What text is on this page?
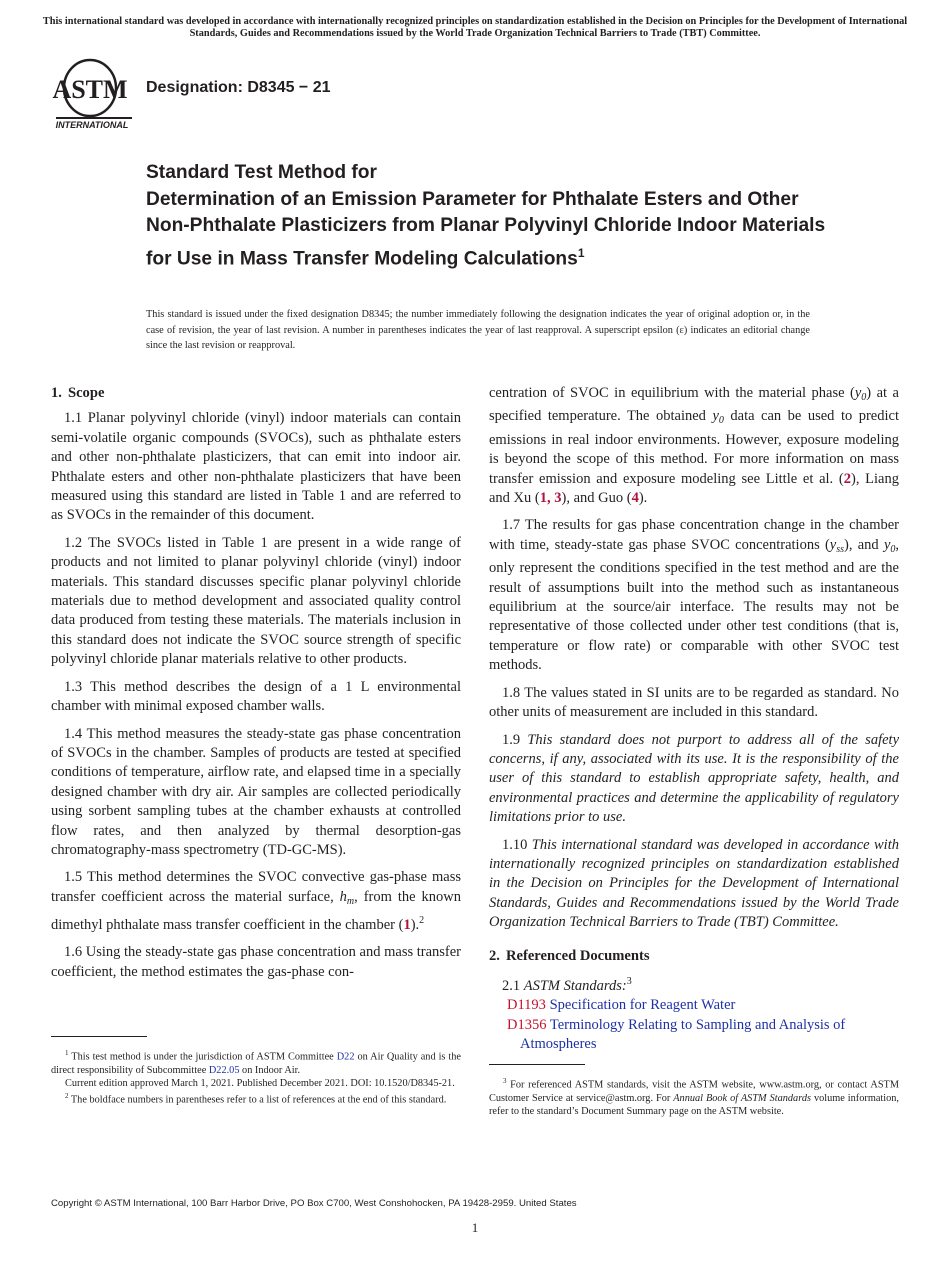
This international standard was developed in accordance with internationally recognized principles on standardization established in the Decision on Principles for the Development of International Standards, Guides and Recommendations issued by the World Trade Organization Technical Barriers to Trade (TBT) Committee.
ASTM
INTERNATIONAL
Designation: D8345 − 21
Standard Test Method for
Determination of an Emission Parameter for Phthalate Esters and Other Non-Phthalate Plasticizers from Planar Polyvinyl Chloride Indoor Materials for Use in Mass Transfer Modeling Calculations$^1$
This standard is issued under the fixed designation D8345; the number immediately following the designation indicates the year of original adoption or, in the case of revision, the year of last revision. A number in parentheses indicates the year of last reapproval. A superscript epsilon (ε) indicates an editorial change since the last revision or reapproval.
1. Scope

1.1 Planar polyvinyl chloride (vinyl) indoor materials can contain semi-volatile organic compounds (SVOCs), such as phthalate esters and other non-phthalate plasticizers, that can emit into indoor air. Phthalate esters and other non-phthalate plasticizers that have been measured using this standard are listed in Table 1 and are referred to as SVOCs in the remainder of this document.

1.2 The SVOCs listed in Table 1 are present in a wide range of products and not limited to planar polyvinyl chloride (vinyl) indoor materials. This standard discusses specific planar polyvinyl chloride materials due to method development and associated quality control data produced from testing these materials. The materials inclusion in this standard does not indicate the SVOC source strength of specific polyvinyl chloride planar materials relative to other products.

1.3 This method describes the design of a 1 L environmental chamber with minimal exposed chamber walls.

1.4 This method measures the steady-state gas phase concentration of SVOCs in the chamber. Samples of products are tested at specified conditions of temperature, airflow rate, and elapsed time in a specially designed chamber with dry air. Air samples are collected periodically using sorbent sampling tubes at the chamber exhausts at controlled flow rates, and then analyzed by thermal desorption-gas chromatography-mass spectrometry (TD-GC-MS).

1.5 This method determines the SVOC convective gas-phase mass transfer coefficient across the material surface, $h_m$, from the known dimethyl phthalate mass transfer coefficient in the chamber (1).$^2$

1.6 Using the steady-state gas phase concentration and mass transfer coefficient, the method estimates the gas-phase con-

centration of SVOC in equilibrium with the material phase $(y_0)$ at a specified temperature. The obtained $y_0$ data can be used to predict emissions in real indoor environments. However, exposure modeling is beyond the scope of this method. For more information on mass transfer emission and exposure modeling see Little et al. (2), Liang and Xu (1, 3), and Guo (4).

1.7 The results for gas phase concentration change in the chamber with time, steady-state gas phase SVOC concentrations $(y_{ss})$, and $y_0$, only represent the conditions specified in the test method and are the result of assumptions built into the method such as instantaneous equilibrium at the source/air interface. The results may not be representative of those collected under other test conditions (that is, temperature or flow rate) or comparable with other SVOC test methods.

1.8 The values stated in SI units are to be regarded as standard. No other units of measurement are included in this standard.

1.9 This standard does not purport to address all of the safety concerns, if any, associated with its use. It is the responsibility of the user of this standard to establish appropriate safety, health, and environmental practices and determine the applicability of regulatory limitations prior to use.

1.10 This international standard was developed in accordance with internationally recognized principles on standardization established in the Decision on Principles for the Development of International Standards, Guides and Recommendations issued by the World Trade Organization Technical Barriers to Trade (TBT) Committee.

2. Referenced Documents

2.1 ASTM Standards:$^3$

D1193 Specification for Reagent Water
D1356 Terminology Relating to Sampling and Analysis of Atmospheres

$^1$ This test method is under the jurisdiction of ASTM Committee D22 on Air Quality and is the direct responsibility of Subcommittee D22.05 on Indoor Air.

Current edition approved March 1, 2021. Published December 2021. DOI: 10.1520/D8345-21.

$^2$ The boldface numbers in parentheses refer to a list of references at the end of this standard.

$^3$ For referenced ASTM standards, visit the ASTM website, www.astm.org, or contact ASTM Customer Service at service@astm.org. For Annual Book of ASTM Standards volume information, refer to the standard’s Document Summary page on the ASTM website.

Copyright © ASTM International, 100 Barr Harbor Drive, PO Box C700, West Conshohocken, PA 19428-2959. United States
1
